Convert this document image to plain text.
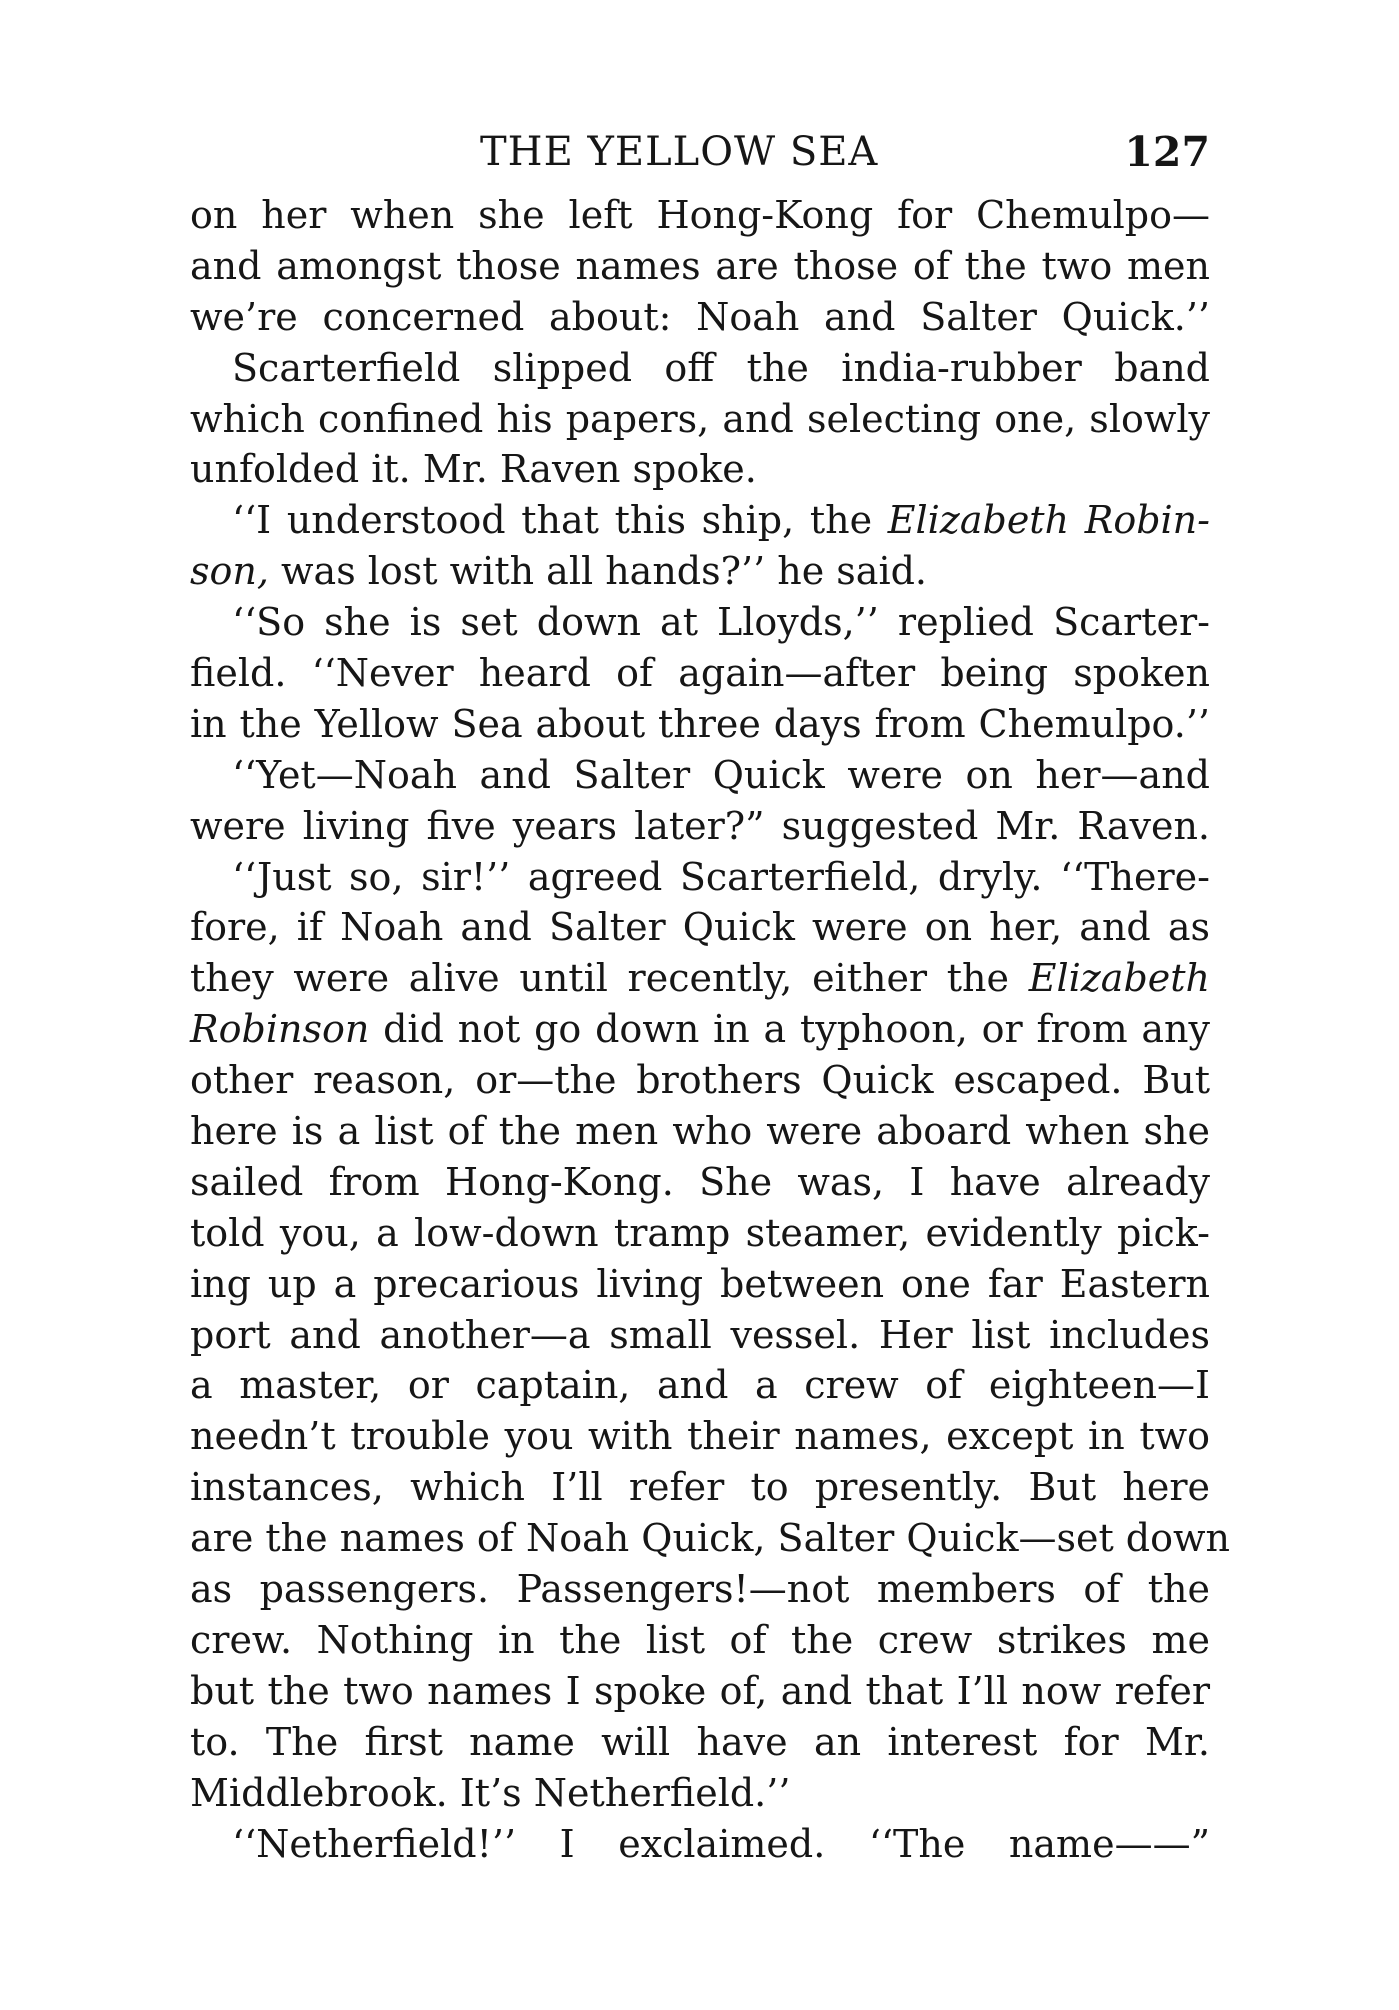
THE YELLOW SEA	127
on her when she left Hong-Kong for Chemulpo—
and amongst those names are those of the two men
we’re concerned about: Noah and Salter Quick.’’
Scarterfield slipped off the india-rubber band
which confined his papers, and selecting one, slowly
unfolded it. Mr. Raven spoke.
‘‘I understood that this ship, the Elizabeth Robin-
son, was lost with all hands?’’ he said.
‘‘So she is set down at Lloyds,’’ replied Scarter-
field. ‘‘Never heard of again—after being spoken
in the Yellow Sea about three days from Chemulpo.’’
‘‘Yet—Noah and Salter Quick were on her—and
were living five years later?” suggested Mr. Raven.
‘‘Just so, sir!’’ agreed Scarterfield, dryly. ‘‘There-
fore, if Noah and Salter Quick were on her, and as
they were alive until recently, either the Elizabeth
Robinson did not go down in a typhoon, or from any
other reason, or—the brothers Quick escaped. But
here is a list of the men who were aboard when she
sailed from Hong-Kong. She was, I have already
told you, a low-down tramp steamer, evidently pick-
ing up a precarious living between one far Eastern
port and another—a small vessel. Her list includes
a master, or captain, and a crew of eighteen—I
needn’t trouble you with their names, except in two
instances, which I’ll refer to presently. But here
are the names of Noah Quick, Salter Quick—set down
as passengers. Passengers!—not members of the
crew. Nothing in the list of the crew strikes me
but the two names I spoke of, and that I’ll now refer
to. The first name will have an interest for Mr.
Middlebrook. It’s Netherfield.’’
‘‘Netherfield!’’ I exclaimed. ‘‘The name——”
